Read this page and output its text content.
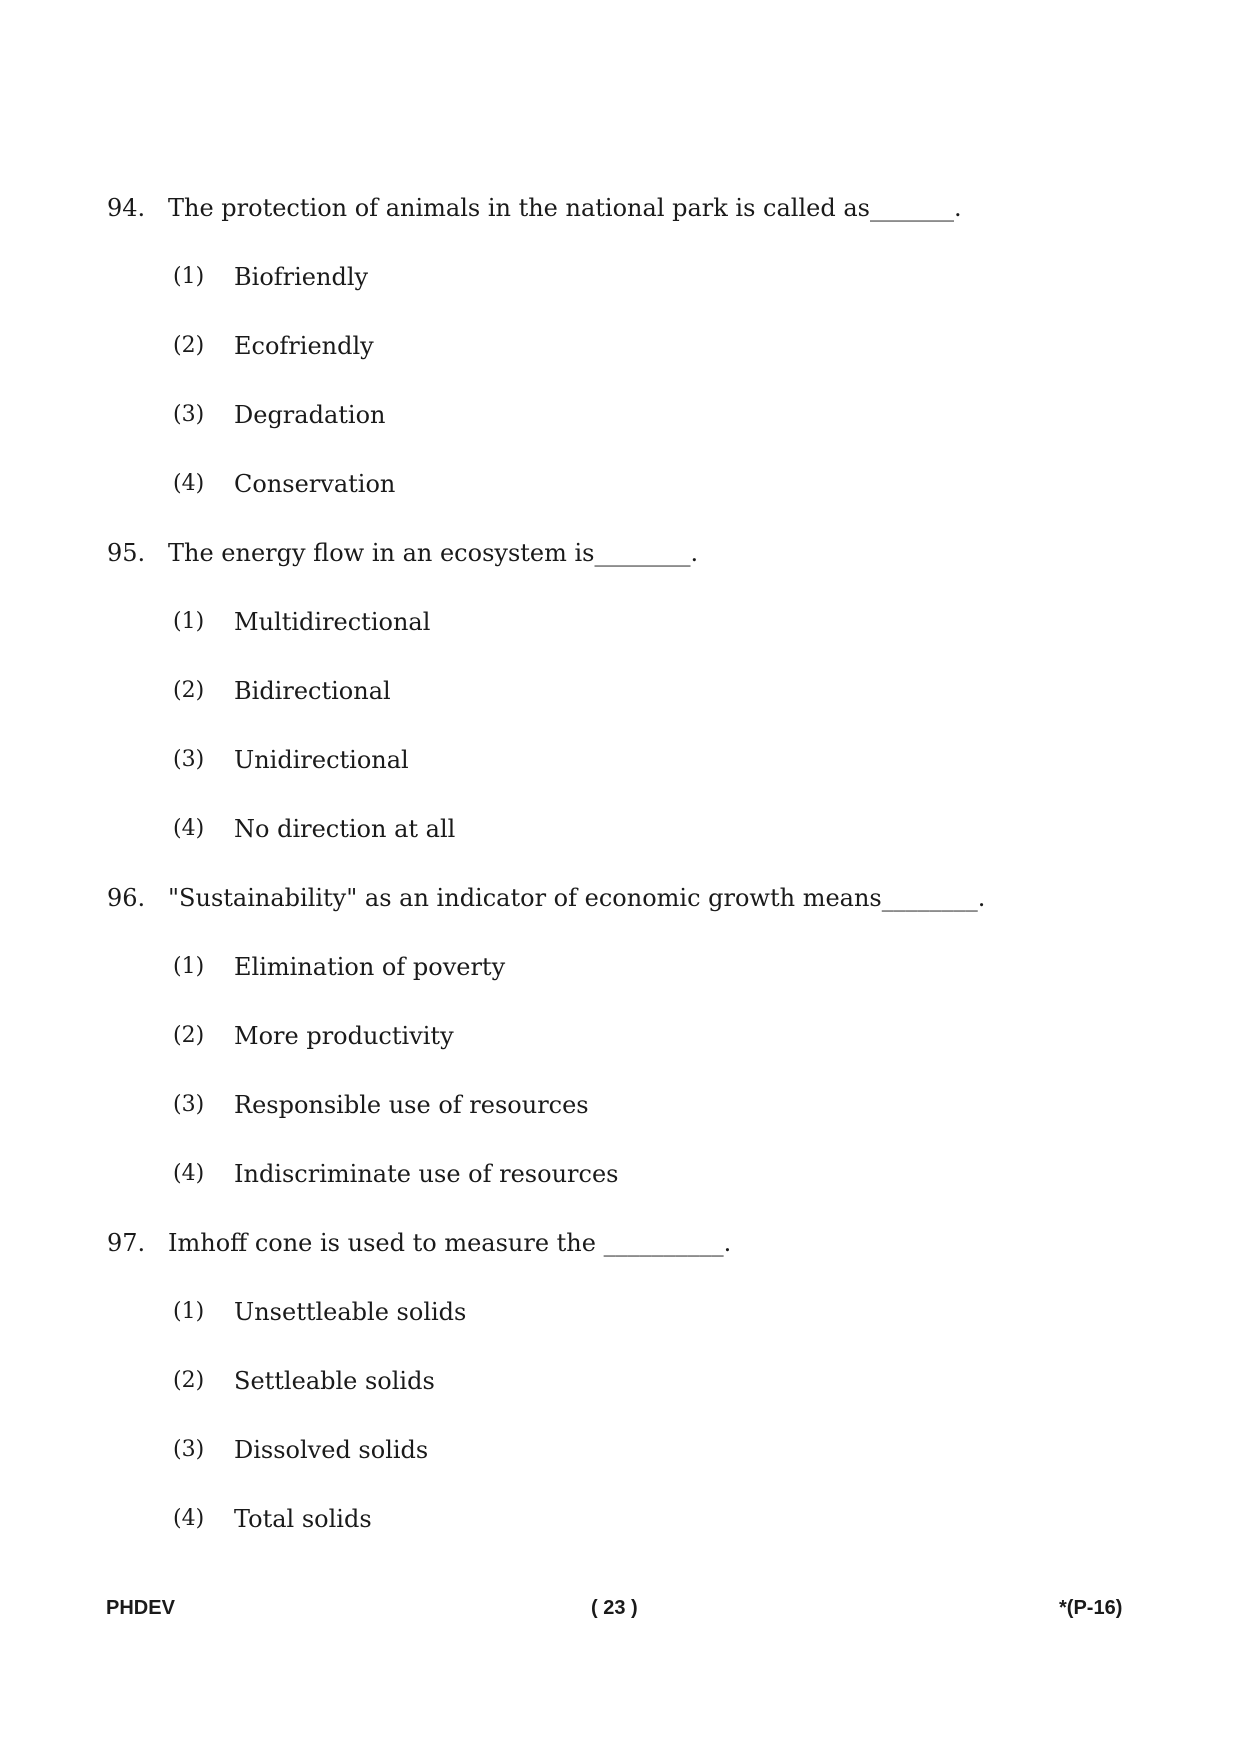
94. The protection of animals in the national park is called as_______.
(1) Biofriendly
(2) Ecofriendly
(3) Degradation
(4) Conservation
95. The energy flow in an ecosystem is________.
(1) Multidirectional
(2) Bidirectional
(3) Unidirectional
(4) No direction at all
96. "Sustainability" as an indicator of economic growth means________.
(1) Elimination of poverty
(2) More productivity
(3) Responsible use of resources
(4) Indiscriminate use of resources
97. Imhoff cone is used to measure the __________.
(1) Unsettleable solids
(2) Settleable solids
(3) Dissolved solids
(4) Total solids
PHDEV	( 23 )	*(P-16)
